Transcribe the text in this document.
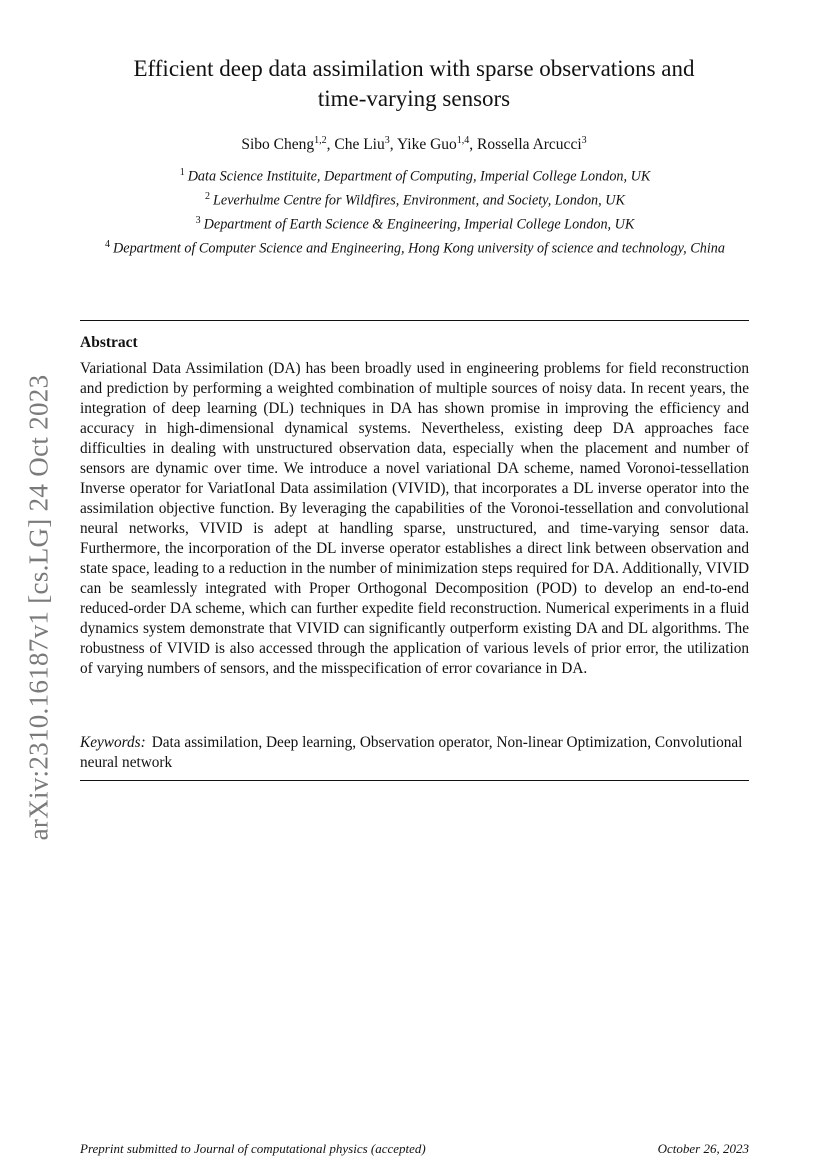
arXiv:2310.16187v1 [cs.LG] 24 Oct 2023
Efficient deep data assimilation with sparse observations and
time-varying sensors
Sibo Cheng$^{1,2}$, Che Liu$^3$, Yike Guo$^{1,4}$, Rossella Arcucci$^3$
$^1$ Data Science Instituite, Department of Computing, Imperial College London, UK
$^2$ Leverhulme Centre for Wildfires, Environment, and Society, London, UK
$^3$ Department of Earth Science & Engineering, Imperial College London, UK
$^4$ Department of Computer Science and Engineering, Hong Kong university of science and technology, China
Abstract
Variational Data Assimilation (DA) has been broadly used in engineering problems for field reconstruction and prediction by performing a weighted combination of multiple sources of noisy data. In recent years, the integration of deep learning (DL) techniques in DA has shown promise in improving the efficiency and accuracy in high-dimensional dynamical systems. Nevertheless, existing deep DA approaches face difficulties in dealing with unstructured observation data, especially when the placement and number of sensors are dynamic over time. We introduce a novel variational DA scheme, named Voronoi-tessellation Inverse operator for VariatIonal Data assimilation (VIVID), that incorporates a DL inverse operator into the assimilation objective function. By leveraging the capabilities of the Voronoi-tessellation and convolutional neural networks, VIVID is adept at handling sparse, unstructured, and time-varying sensor data. Furthermore, the incorporation of the DL inverse operator establishes a direct link between observation and state space, leading to a reduction in the number of minimization steps required for DA. Additionally, VIVID can be seamlessly integrated with Proper Orthogonal Decomposition (POD) to develop an end-to-end reduced-order DA scheme, which can further expedite field reconstruction. Numerical experiments in a fluid dynamics system demonstrate that VIVID can significantly outperform existing DA and DL algorithms. The robustness of VIVID is also accessed through the application of various levels of prior error, the utilization of varying numbers of sensors, and the misspecification of error covariance in DA.
Keywords: Data assimilation, Deep learning, Observation operator, Non-linear Optimization, Convolutional neural network
Preprint submitted to Journal of computational physics (accepted)	October 26, 2023
